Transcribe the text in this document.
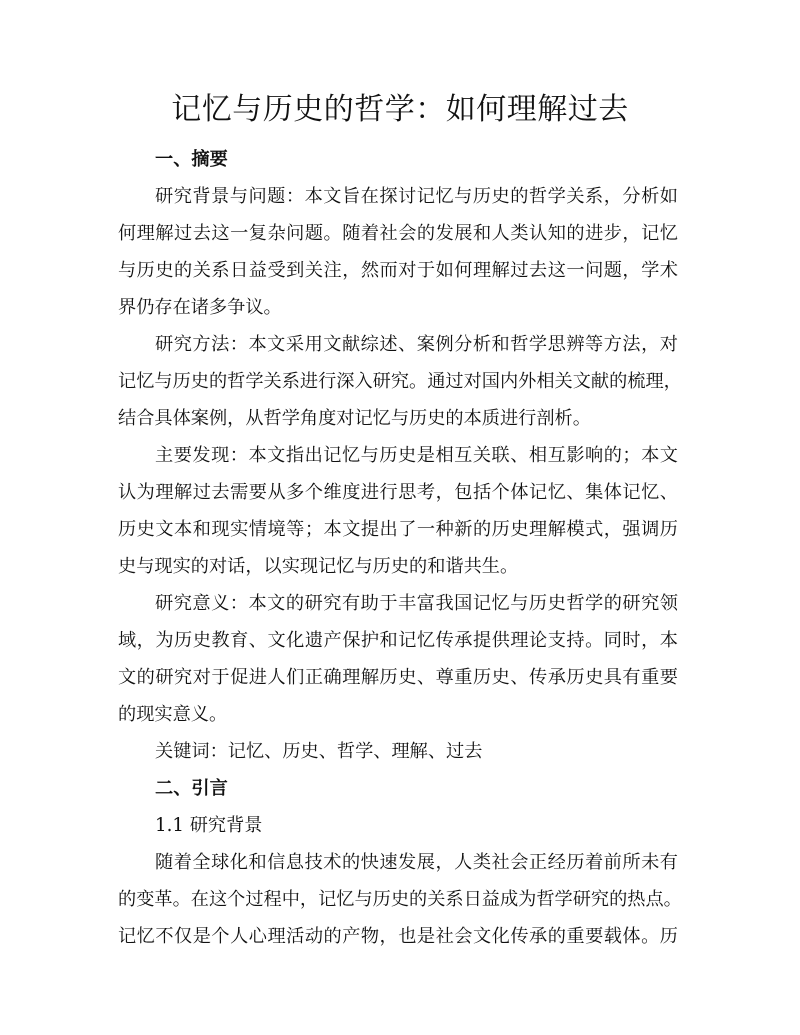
记忆与历史的哲学：如何理解过去

一、摘要

研究背景与问题：本文旨在探讨记忆与历史的哲学关系，分析如

何理解过去这一复杂问题。随着社会的发展和人类认知的进步，记忆

与历史的关系日益受到关注，然而对于如何理解过去这一问题，学术

界仍存在诸多争议。

研究方法：本文采用文献综述、案例分析和哲学思辨等方法，对

记忆与历史的哲学关系进行深入研究。通过对国内外相关文献的梳理，

结合具体案例，从哲学角度对记忆与历史的本质进行剖析。

主要发现：本文指出记忆与历史是相互关联、相互影响的；本文

认为理解过去需要从多个维度进行思考，包括个体记忆、集体记忆、

历史文本和现实情境等；本文提出了一种新的历史理解模式，强调历

史与现实的对话，以实现记忆与历史的和谐共生。

研究意义：本文的研究有助于丰富我国记忆与历史哲学的研究领

域，为历史教育、文化遗产保护和记忆传承提供理论支持。同时，本

文的研究对于促进人们正确理解历史、尊重历史、传承历史具有重要

的现实意义。

关键词：记忆、历史、哲学、理解、过去

二、引言

1.1 研究背景

随着全球化和信息技术的快速发展，人类社会正经历着前所未有

的变革。在这个过程中，记忆与历史的关系日益成为哲学研究的热点。

记忆不仅是个人心理活动的产物，也是社会文化传承的重要载体。历
